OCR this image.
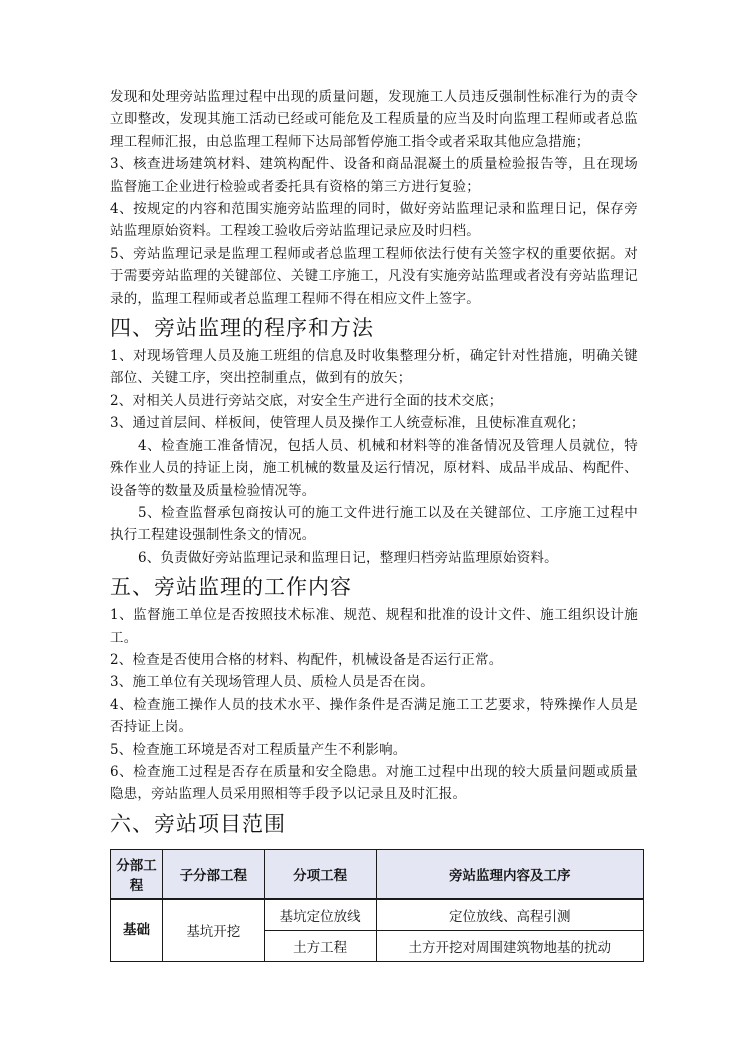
发现和处理旁站监理过程中出现的质量问题，发现施工人员违反强制性标准行为的责令立即整改，发现其施工活动已经或可能危及工程质量的应当及时向监理工程师或者总监理工程师汇报，由总监理工程师下达局部暂停施工指令或者采取其他应急措施；

3、核查进场建筑材料、建筑构配件、设备和商品混凝土的质量检验报告等，且在现场监督施工企业进行检验或者委托具有资格的第三方进行复验；

4、按规定的内容和范围实施旁站监理的同时，做好旁站监理记录和监理日记，保存旁站监理原始资料。工程竣工验收后旁站监理记录应及时归档。

5、旁站监理记录是监理工程师或者总监理工程师依法行使有关签字权的重要依据。对于需要旁站监理的关键部位、关键工序施工，凡没有实施旁站监理或者没有旁站监理记录的，监理工程师或者总监理工程师不得在相应文件上签字。

四、旁站监理的程序和方法

1、对现场管理人员及施工班组的信息及时收集整理分析，确定针对性措施，明确关键部位、关键工序，突出控制重点，做到有的放矢；

2、对相关人员进行旁站交底，对安全生产进行全面的技术交底；

3、通过首层间、样板间，使管理人员及操作工人统壹标准，且使标准直观化；

4、检查施工准备情况，包括人员、机械和材料等的准备情况及管理人员就位，特殊作业人员的持证上岗，施工机械的数量及运行情况，原材料、成品半成品、构配件、设备等的数量及质量检验情况等。

5、检查监督承包商按认可的施工文件进行施工以及在关键部位、工序施工过程中执行工程建设强制性条文的情况。

6、负责做好旁站监理记录和监理日记，整理归档旁站监理原始资料。

五、旁站监理的工作内容

1、监督施工单位是否按照技术标准、规范、规程和批准的设计文件、施工组织设计施工。

2、检查是否使用合格的材料、构配件，机械设备是否运行正常。

3、施工单位有关现场管理人员、质检人员是否在岗。

4、检查施工操作人员的技术水平、操作条件是否满足施工工艺要求，特殊操作人员是否持证上岗。

5、检查施工环境是否对工程质量产生不利影响。

6、检查施工过程是否存在质量和安全隐患。对施工过程中出现的较大质量问题或质量隐患，旁站监理人员采用照相等手段予以记录且及时汇报。

六、旁站项目范围
分部工程	子分部工程	分项工程	旁站监理内容及工序
基础	基坑开挖	基坑定位放线	定位放线、高程引测
		土方工程	土方开挖对周围建筑物地基的扰动
